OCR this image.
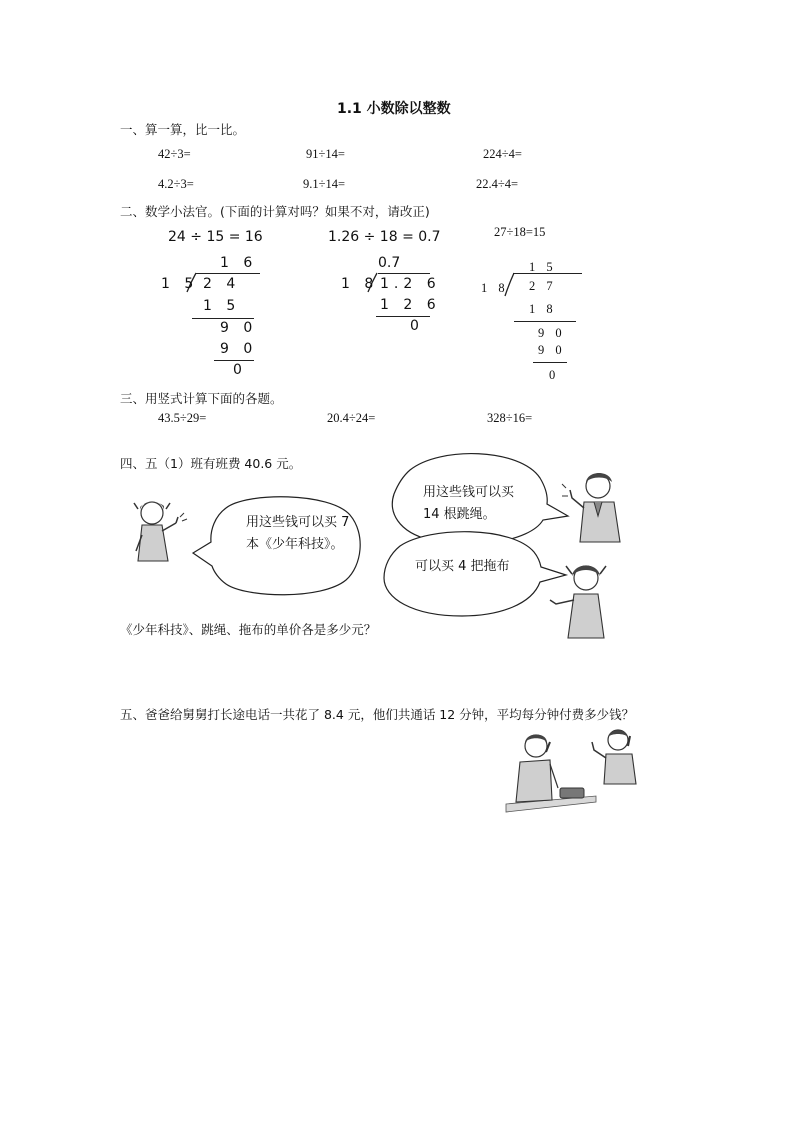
1.1 小数除以整数
一、算一算，比一比。
42÷3=	91÷14=	224÷4=
4.2÷3=	9.1÷14=	22.4÷4=
二、数学小法官。(下面的计算对吗？如果不对，请改正)
24 ÷ 15 = 16
1 6
1 5 2 4
1 5
9 0
9 0
0
1.26 ÷ 18 = 0.7
0.7
1 8 1.2 6
1 2 6
0
27÷18=15
1 5
1 8 2 7
1 8
9 0
9 0
0
三、用竖式计算下面的各题。
43.5÷29=	20.4÷24=	328÷16=
四、五（1）班有班费 40.6 元。
用这些钱可以买 7 本《少年科技》。
用这些钱可以买 14 根跳绳。
可以买 4 把拖布
《少年科技》、跳绳、拖布的单价各是多少元？
五、爸爸给舅舅打长途电话一共花了 8.4 元，他们共通话 12 分钟，平均每分钟付费多少钱？
